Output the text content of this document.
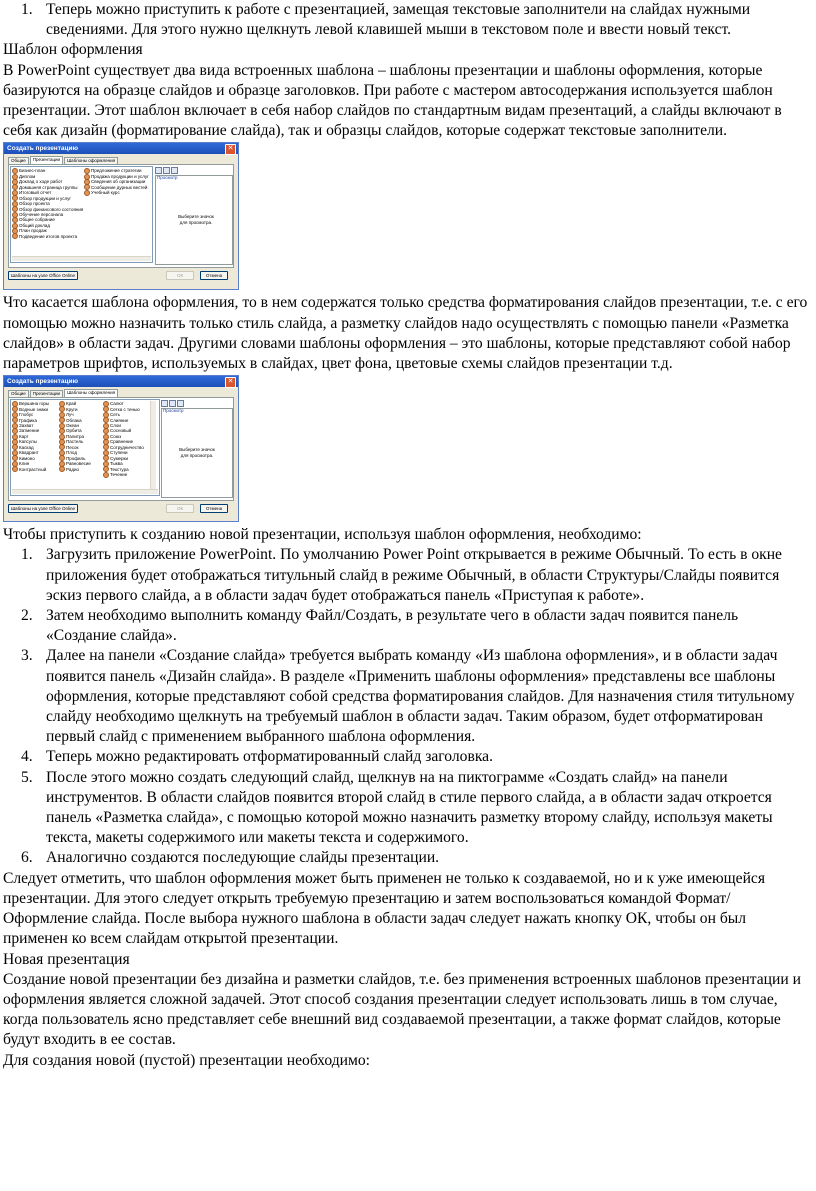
1. Теперь можно приступить к работе с презентацией, замещая текстовые заполнители на слайдах нужными сведениями. Для этого нужно щелкнуть левой клавишей мыши в текстовом поле и ввести новый текст.

Шаблон оформления

В PowerPoint существует два вида встроенных шаблона – шаблоны презентации и шаблоны оформления, которые базируются на образце слайдов и образце заголовков. При работе с мастером автосодержания используется шаблон презентации. Этот шаблон включает в себя набор слайдов по стандартным видам презентаций, а слайды включают в себя как дизайн (форматирование слайда), так и образцы слайдов, которые содержат текстовые заполнители.

Создать презентацию	✕
Общие	Презентации	Шаблоны оформления
Бизнес-план
Диплом
Доклад о ходе работ
Домашняя страница группы
Итоговый отчет
Обзор продукции и услуг
Обзор проекта
Обзор финансового состояния
Обучение персонала
Общее собрание
Общий доклад
План продаж
Подведение итогов проекта
Предложение стратегии
Продажа продукции и услуг
Сведения об организации
Сообщение дурных вестей
Учебный курс
Просмотр
Выберите значок для просмотра.
Шаблоны на узле Office Online	ОК	Отмена

Что касается шаблона оформления, то в нем содержатся только средства форматирования слайдов презентации, т.е. с его помощью можно назначить только стиль слайда, а разметку слайдов надо осуществлять с помощью панели «Разметка слайдов» в области задач. Другими словами шаблоны оформления – это шаблоны, которые представляют собой набор параметров шрифтов, используемых в слайдах, цвет фона, цветовые схемы слайдов презентации т.д.

Создать презентацию	✕
Общие	Презентации	Шаблоны оформления
Вершина горы
Водные знаки
Глобус
Графика
Захват
Затмение
Карт
Капсулы
Каскад
Квадрант
Кимоно
Клин
Контрастный
Край
Круги
Луч
Облака
Океан
Орбита
Палитра
Пастель
Песок
Плод
Профиль
Равновесие
Радио
Салют
Сетка с тенью
Сеть
Слияние
Слои
Сосновый
Союз
Сравнение
Сотрудничество
Ступени
Сумерки
Тыква
Текстура
Течение
Просмотр
Выберите значок для просмотра.
Шаблоны на узле Office Online	ОК	Отмена

Чтобы приступить к созданию новой презентации, используя шаблон оформления, необходимо:

1. Загрузить приложение PowerPoint. По умолчанию Power Point открывается в режиме Обычный. То есть в окне приложения будет отображаться титульный слайд в режиме Обычный, в области Структуры/Слайды появится эскиз первого слайда, а в области задач будет отображаться панель «Приступая к работе».
2. Затем необходимо выполнить команду Файл/Создать, в результате чего в области задач появится панель «Создание слайда».
3. Далее на панели «Создание слайда» требуется выбрать команду «Из шаблона оформления», и в области задач появится панель «Дизайн слайда». В разделе «Применить шаблоны оформления» представлены все шаблоны оформления, которые представляют собой средства форматирования слайдов. Для назначения стиля титульному слайду необходимо щелкнуть на требуемый шаблон в области задач. Таким образом, будет отформатирован первый слайд с применением выбранного шаблона оформления.
4. Теперь можно редактировать отформатированный слайд заголовка.
5. После этого можно создать следующий слайд, щелкнув на на пиктограмме «Создать слайд» на панели инструментов. В области слайдов появится второй слайд в стиле первого слайда, а в области задач откроется панель «Разметка слайда», с помощью которой можно назначить разметку второму слайду, используя макеты текста, макеты содержимого или макеты текста и содержимого.
6. Аналогично создаются последующие слайды презентации.

Следует отметить, что шаблон оформления может быть применен не только к создаваемой, но и к уже имеющейся презентации. Для этого следует открыть требуемую презентацию и затем воспользоваться командой Формат/Оформление слайда. После выбора нужного шаблона в области задач следует нажать кнопку ОК, чтобы он был применен ко всем слайдам открытой презентации.

Новая презентация

Создание новой презентации без дизайна и разметки слайдов, т.е. без применения встроенных шаблонов презентации и оформления является сложной задачей. Этот способ создания презентации следует использовать лишь в том случае, когда пользователь ясно представляет себе внешний вид создаваемой презентации, а также формат слайдов, которые будут входить в ее состав.

Для создания новой (пустой) презентации необходимо:
